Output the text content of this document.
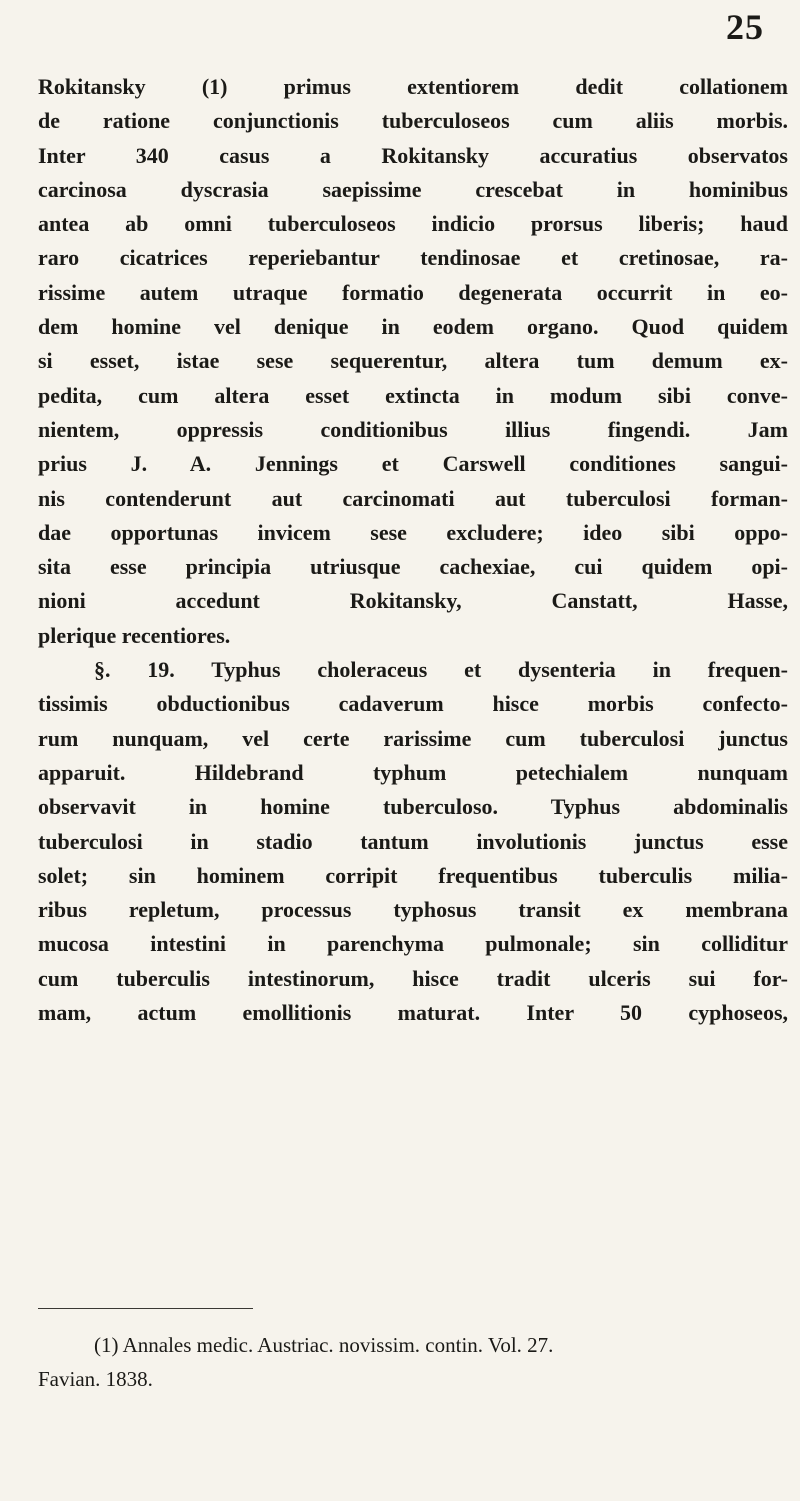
25
Rokitansky (1) primus extentiorem dedit collationem
de ratione conjunctionis tuberculoseos cum aliis morbis.
Inter 340 casus a Rokitansky accuratius observatos
carcinosa dyscrasia saepissime crescebat in hominibus
antea ab omni tuberculoseos indicio prorsus liberis; haud
raro cicatrices reperiebantur tendinosae et cretinosae, ra-
rissime autem utraque formatio degenerata occurrit in eo-
dem homine vel denique in eodem organo. Quod quidem
si esset, istae sese sequerentur, altera tum demum ex-
pedita, cum altera esset extincta in modum sibi conve-
nientem, oppressis conditionibus illius fingendi. Jam
prius J. A. Jennings et Carswell conditiones sangui-
nis contenderunt aut carcinomati aut tuberculosi forman-
dae opportunas invicem sese excludere; ideo sibi oppo-
sita esse principia utriusque cachexiae, cui quidem opi-
nioni accedunt Rokitansky, Canstatt, Hasse,
plerique recentiores.
§. 19. Typhus choleraceus et dysenteria in frequen-
tissimis obductionibus cadaverum hisce morbis confecto-
rum nunquam, vel certe rarissime cum tuberculosi junctus
apparuit. Hildebrand typhum petechialem nunquam
observavit in homine tuberculoso. Typhus abdominalis
tuberculosi in stadio tantum involutionis junctus esse
solet; sin hominem corripit frequentibus tuberculis milia-
ribus repletum, processus typhosus transit ex membrana
mucosa intestini in parenchyma pulmonale; sin colliditur
cum tuberculis intestinorum, hisce tradit ulceris sui for-
mam, actum emollitionis maturat. Inter 50 cyphoseos,
(1) Annales medic. Austriac. novissim. contin. Vol. 27.
Favian. 1838.
